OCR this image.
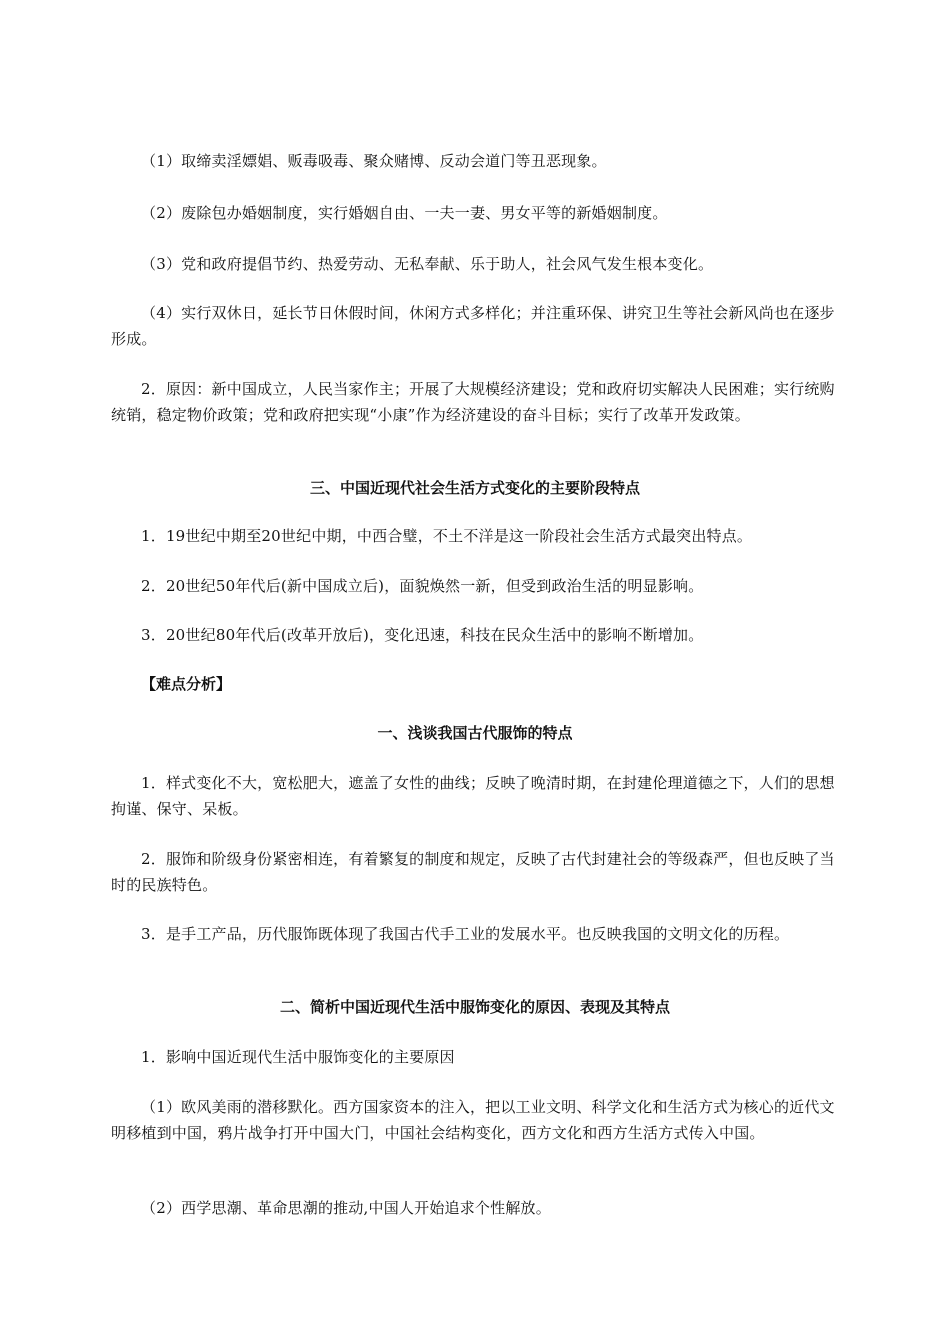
（1）取缔卖淫嫖娼、贩毒吸毒、聚众赌博、反动会道门等丑恶现象。
（2）废除包办婚姻制度，实行婚姻自由、一夫一妻、男女平等的新婚姻制度。
（3）党和政府提倡节约、热爱劳动、无私奉献、乐于助人，社会风气发生根本变化。
（4）实行双休日，延长节日休假时间，休闲方式多样化；并注重环保、讲究卫生等社会新风尚也在逐步形成。
2．原因：新中国成立，人民当家作主；开展了大规模经济建设；党和政府切实解决人民困难；实行统购统销，稳定物价政策；党和政府把实现“小康”作为经济建设的奋斗目标；实行了改革开发政策。
三、中国近现代社会生活方式变化的主要阶段特点
1．19世纪中期至20世纪中期，中西合璧，不土不洋是这一阶段社会生活方式最突出特点。
2．20世纪50年代后(新中国成立后)，面貌焕然一新，但受到政治生活的明显影响。
3．20世纪80年代后(改革开放后)，变化迅速，科技在民众生活中的影响不断增加。
【难点分析】
一、浅谈我国古代服饰的特点
1．样式变化不大，宽松肥大，遮盖了女性的曲线；反映了晚清时期，在封建伦理道德之下，人们的思想拘谨、保守、呆板。
2．服饰和阶级身份紧密相连，有着繁复的制度和规定，反映了古代封建社会的等级森严，但也反映了当时的民族特色。
3．是手工产品，历代服饰既体现了我国古代手工业的发展水平。也反映我国的文明文化的历程。
二、简析中国近现代生活中服饰变化的原因、表现及其特点
1．影响中国近现代生活中服饰变化的主要原因
（1）欧风美雨的潜移默化。西方国家资本的注入，把以工业文明、科学文化和生活方式为核心的近代文明移植到中国，鸦片战争打开中国大门，中国社会结构变化，西方文化和西方生活方式传入中国。
（2）西学思潮、革命思潮的推动,中国人开始追求个性解放。
